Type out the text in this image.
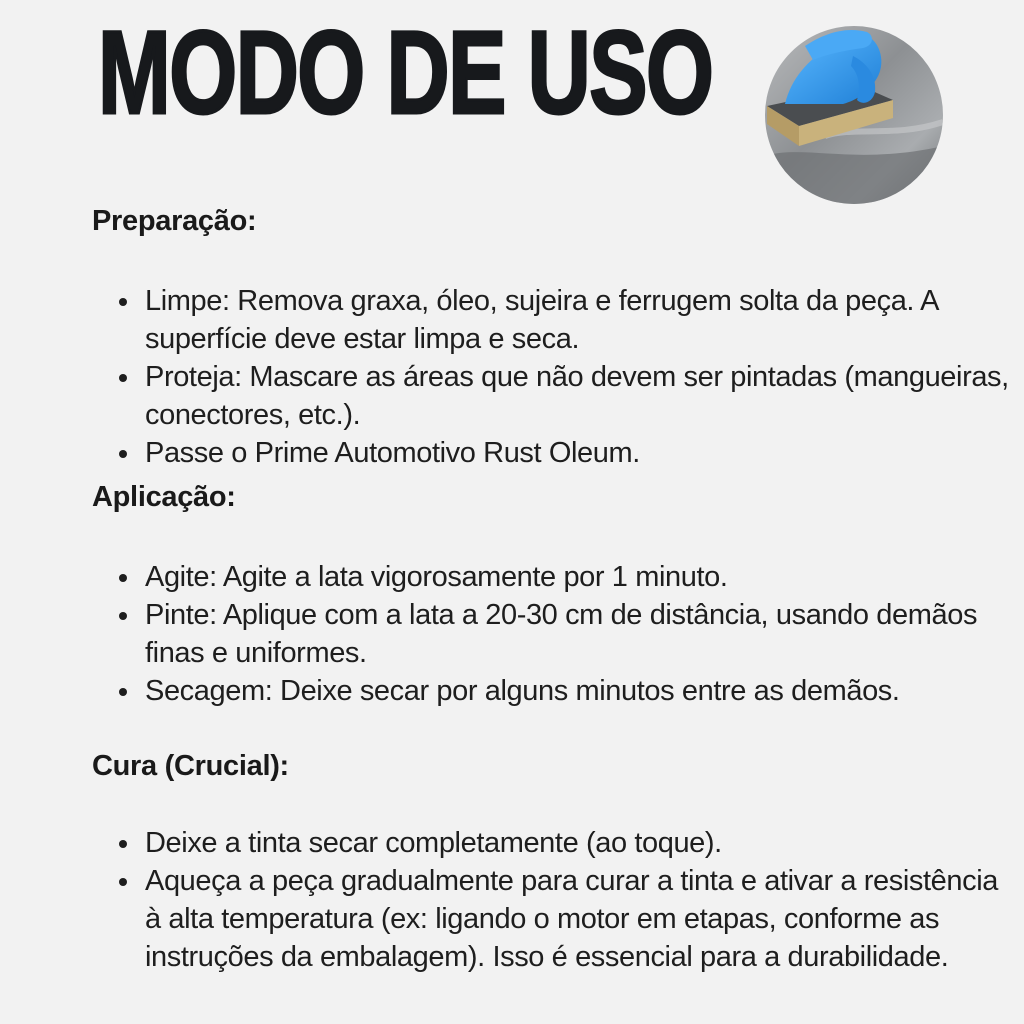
MODO DE USO
Preparação:
Limpe: Remova graxa, óleo, sujeira e ferrugem solta da peça. A superfície deve estar limpa e seca.
Proteja: Mascare as áreas que não devem ser pintadas (mangueiras, conectores, etc.).
Passe o Prime Automotivo Rust Oleum.
Aplicação:
Agite: Agite a lata vigorosamente por 1 minuto.
Pinte: Aplique com a lata a 20-30 cm de distância, usando demãos finas e uniformes.
Secagem: Deixe secar por alguns minutos entre as demãos.
Cura (Crucial):
Deixe a tinta secar completamente (ao toque).
Aqueça a peça gradualmente para curar a tinta e ativar a resistência à alta temperatura (ex: ligando o motor em etapas, conforme as instruções da embalagem). Isso é essencial para a durabilidade.
